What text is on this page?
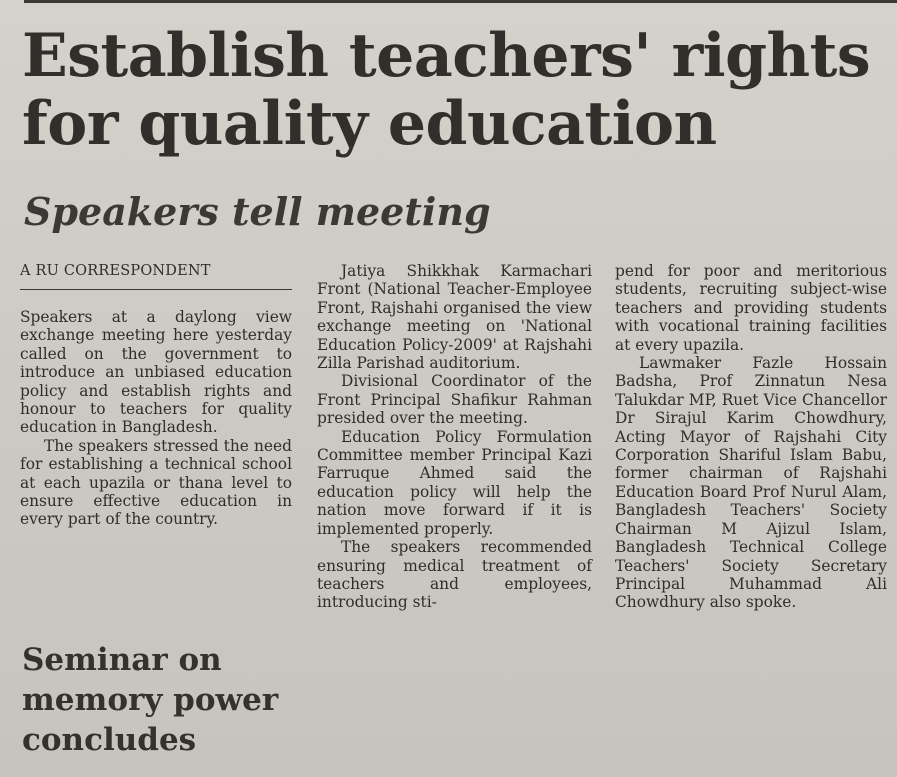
Establish teachers' rights
for quality education
Speakers tell meeting
A RU CORRESPONDENT

Speakers at a daylong view exchange meeting here yesterday called on the government to introduce an unbiased education policy and establish rights and honour to teachers for quality education in Bangladesh.

The speakers stressed the need for establishing a technical school at each upazila or thana level to ensure effective education in every part of the country.

Seminar on memory power concludes

Jatiya Shikkhak Karmachari Front (National Teacher-Employee Front, Rajshahi organised the view exchange meeting on 'National Education Policy-2009' at Rajshahi Zilla Parishad auditorium.

Divisional Coordinator of the Front Principal Shafikur Rahman presided over the meeting.

Education Policy Formulation Committee member Principal Kazi Farruque Ahmed said the education policy will help the nation move forward if it is implemented properly.

The speakers recommended ensuring medical treatment of teachers and employees, introducing sti-

pend for poor and meritorious students, recruiting subject-wise teachers and providing students with vocational training facilities at every upazila.

Lawmaker Fazle Hossain Badsha, Prof Zinnatun Nesa Talukdar MP, Ruet Vice Chancellor Dr Sirajul Karim Chowdhury, Acting Mayor of Rajshahi City Corporation Shariful Islam Babu, former chairman of Rajshahi Education Board Prof Nurul Alam, Bangladesh Teachers' Society Chairman M Ajizul Islam, Bangladesh Technical College Teachers' Society Secretary Principal Muhammad Ali Chowdhury also spoke.
